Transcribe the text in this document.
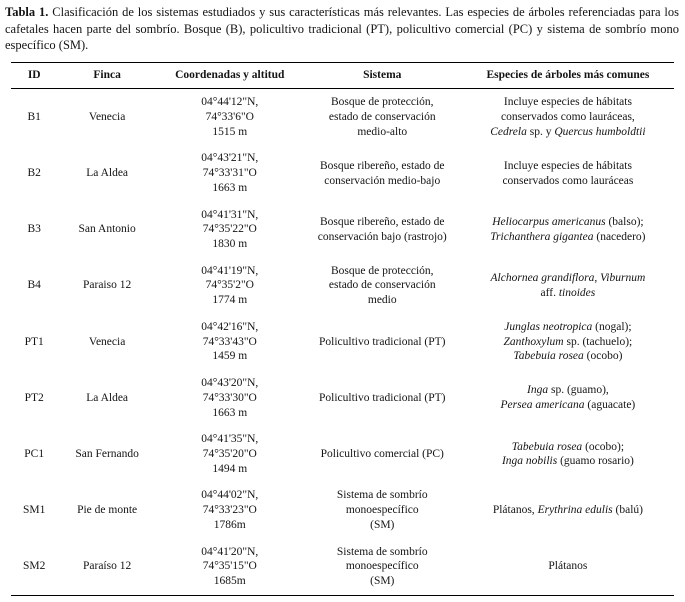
Tabla 1. Clasificación de los sistemas estudiados y sus características más relevantes. Las especies de árboles referenciadas para los cafetales hacen parte del sombrío. Bosque (B), policultivo tradicional (PT), policultivo comercial (PC) y sistema de sombrío mono específico (SM).

ID	Finca	Coordenadas y altitud	Sistema	Especies de árboles más comunes
B1	Venecia	04°44'12"N,
74°33'6"O
1515 m	Bosque de protección,
estado de conservación
medio-alto	Incluye especies de hábitats
conservados como lauráceas,
Cedrela sp. y Quercus humboldtii
B2	La Aldea	04°43'21"N,
74°33'31"O
1663 m	Bosque ribereño, estado de
conservación medio-bajo	Incluye especies de hábitats
conservados como lauráceas
B3	San Antonio	04°41'31"N,
74°35'22"O
1830 m	Bosque ribereño, estado de
conservación bajo (rastrojo)	Heliocarpus americanus (balso);
Trichanthera gigantea (nacedero)
B4	Paraiso 12	04°41'19"N,
74°35'2"O
1774 m	Bosque de protección,
estado de conservación
medio	Alchornea grandiflora, Viburnum
aff. tinoides
PT1	Venecia	04°42'16"N,
74°33'43"O
1459 m	Policultivo tradicional (PT)	Junglas neotropica (nogal);
Zanthoxylum sp. (tachuelo);
Tabebuia rosea (ocobo)
PT2	La Aldea	04°43'20"N,
74°33'30"O
1663 m	Policultivo tradicional (PT)	Inga sp. (guamo),
Persea americana (aguacate)
PC1	San Fernando	04°41'35"N,
74°35'20"O
1494 m	Policultivo comercial (PC)	Tabebuia rosea (ocobo);
Inga nobilis (guamo rosario)
SM1	Pie de monte	04°44'02"N,
74°33'23"O
1786m	Sistema de sombrío
monoespecífico
(SM)	Plátanos, Erythrina edulis (balú)
SM2	Paraíso 12	04°41'20"N,
74°35'15"O
1685m	Sistema de sombrío
monoespecífico
(SM)	Plátanos
